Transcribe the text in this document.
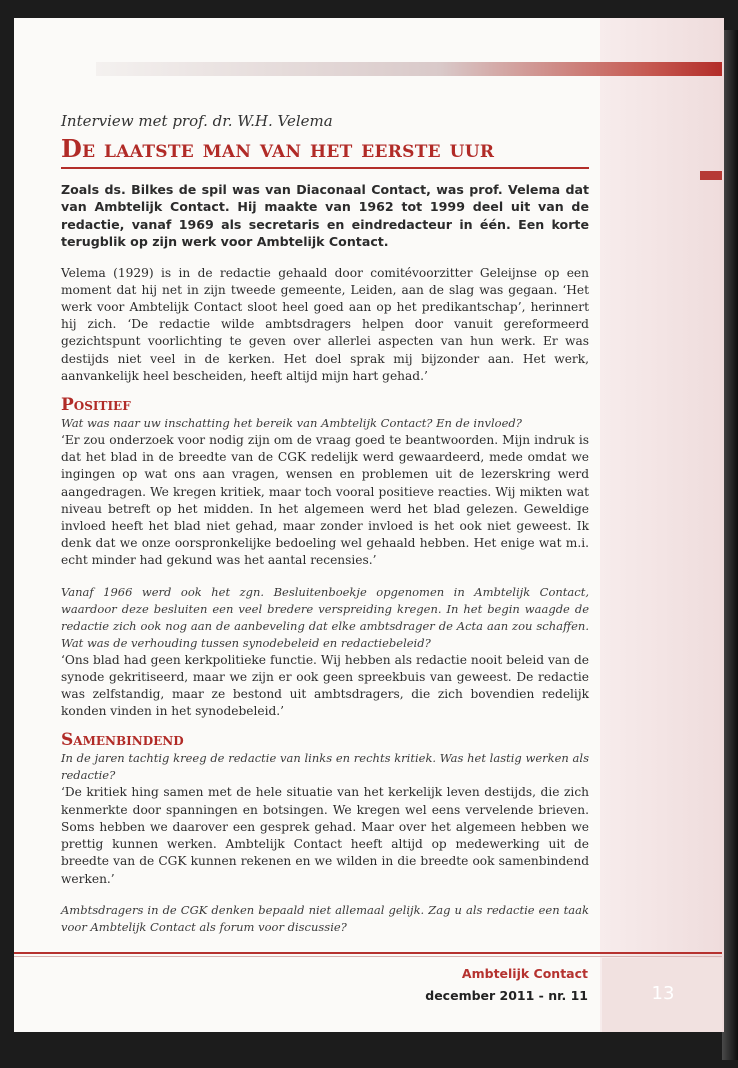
Interview met prof. dr. W.H. Velema

De laatste man van het eerste uur

Zoals ds. Bilkes de spil was van Diaconaal Contact, was prof. Velema dat van Ambtelijk Contact. Hij maakte van 1962 tot 1999 deel uit van de redactie, vanaf 1969 als secretaris en eindredacteur in één. Een korte terugblik op zijn werk voor Ambtelijk Contact.

Velema (1929) is in de redactie gehaald door comitévoorzitter Geleijnse op een moment dat hij net in zijn tweede gemeente, Leiden, aan de slag was gegaan. ‘Het werk voor Ambtelijk Contact sloot heel goed aan op het predikantschap’, herinnert hij zich. ‘De redactie wilde ambtsdragers helpen door vanuit gereformeerd gezichtspunt voorlichting te geven over allerlei aspecten van hun werk. Er was destijds niet veel in de kerken. Het doel sprak mij bijzonder aan. Het werk, aanvankelijk heel bescheiden, heeft altijd mijn hart gehad.’

Positief

Wat was naar uw inschatting het bereik van Ambtelijk Contact? En de invloed?

‘Er zou onderzoek voor nodig zijn om de vraag goed te beantwoorden. Mijn indruk is dat het blad in de breedte van de CGK redelijk werd gewaardeerd, mede omdat we ingingen op wat ons aan vragen, wensen en problemen uit de lezerskring werd aangedragen. We kregen kritiek, maar toch vooral positieve reacties. Wij mikten wat niveau betreft op het midden. In het algemeen werd het blad gelezen. Geweldige invloed heeft het blad niet gehad, maar zonder invloed is het ook niet geweest. Ik denk dat we onze oorspronkelijke bedoeling wel gehaald hebben. Het enige wat m.i. echt minder had gekund was het aantal recensies.’

Vanaf 1966 werd ook het zgn. Besluitenboekje opgenomen in Ambtelijk Contact, waardoor deze besluiten een veel bredere verspreiding kregen. In het begin waagde de redactie zich ook nog aan de aanbeveling dat elke ambtsdrager de Acta aan zou schaffen. Wat was de verhouding tussen synodebeleid en redactiebeleid?

‘Ons blad had geen kerkpolitieke functie. Wij hebben als redactie nooit beleid van de synode gekritiseerd, maar we zijn er ook geen spreekbuis van geweest. De redactie was zelfstandig, maar ze bestond uit ambtsdragers, die zich bovendien redelijk konden vinden in het synodebeleid.’

Samenbindend

In de jaren tachtig kreeg de redactie van links en rechts kritiek. Was het lastig werken als redactie?

‘De kritiek hing samen met de hele situatie van het kerkelijk leven destijds, die zich kenmerkte door spanningen en botsingen. We kregen wel eens vervelende brieven. Soms hebben we daarover een gesprek gehad. Maar over het algemeen hebben we prettig kunnen werken. Ambtelijk Contact heeft altijd op medewerking uit de breedte van de CGK kunnen rekenen en we wilden in die breedte ook samenbindend werken.’

Ambtsdragers in de CGK denken bepaald niet allemaal gelijk. Zag u als redactie een taak voor Ambtelijk Contact als forum voor discussie?

13
Ambtelijk Contact
december 2011 - nr. 11
